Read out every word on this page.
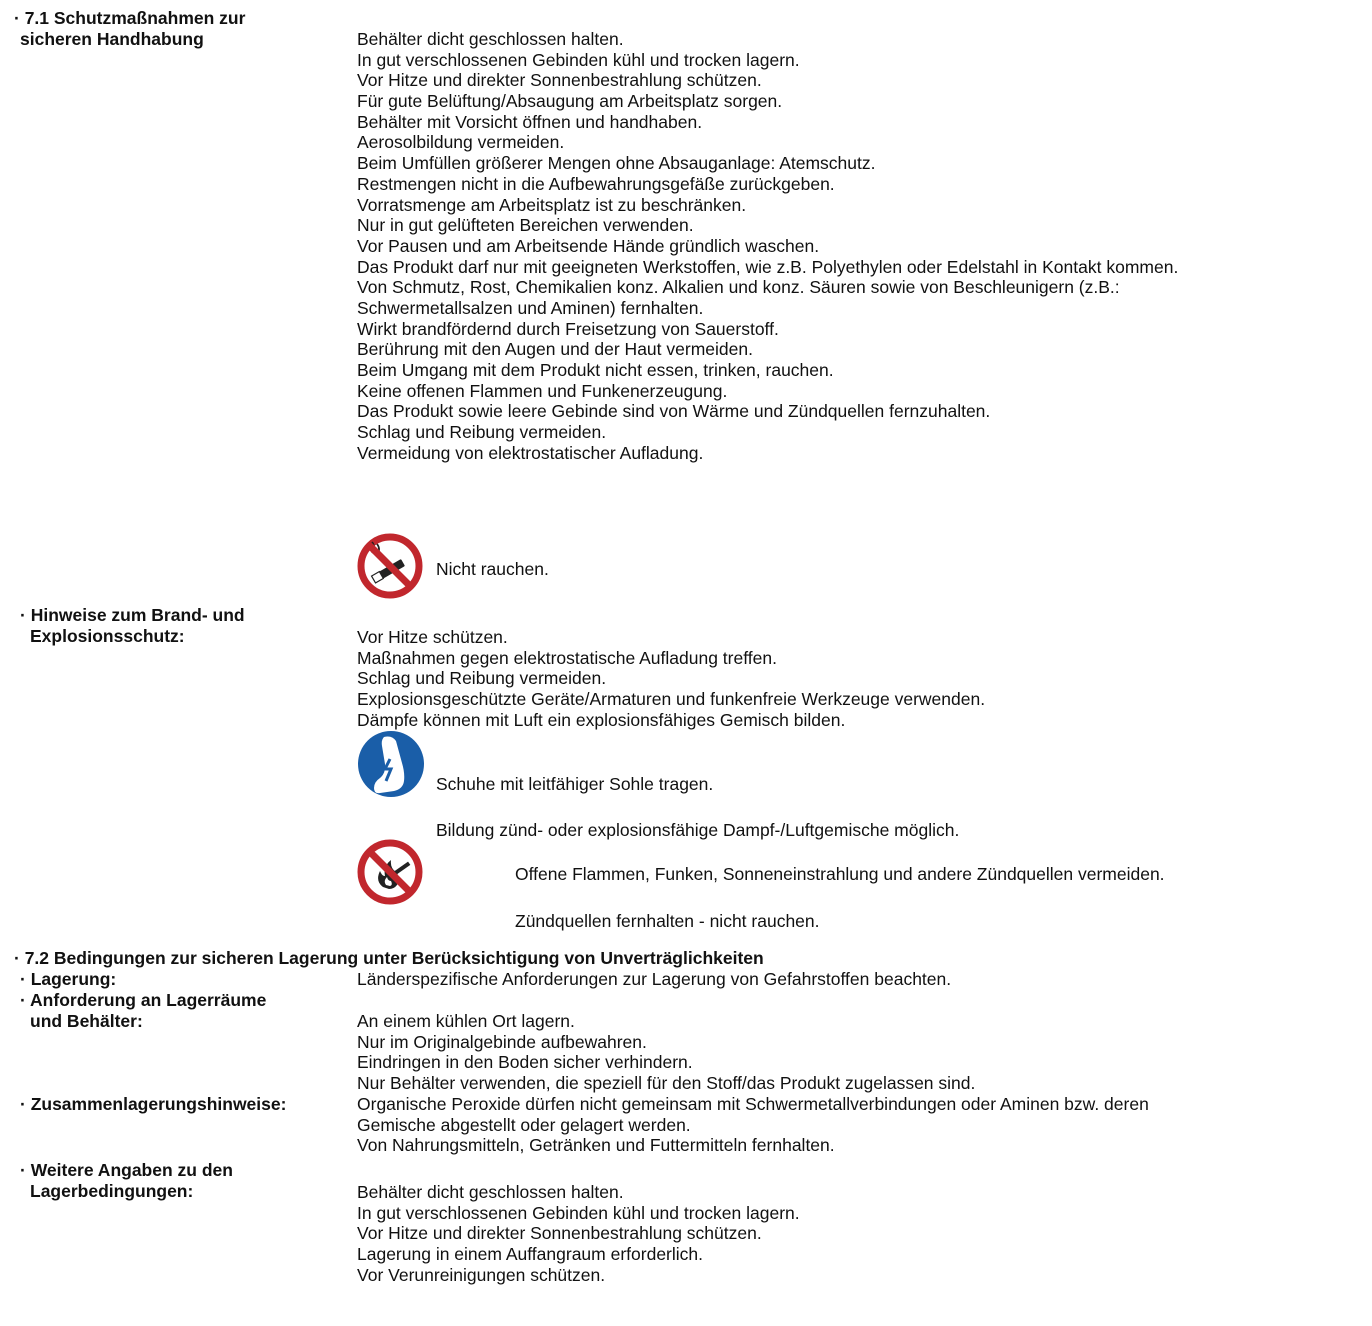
· 7.1 Schutzmaßnahmen zur
sicheren Handhabung	Behälter dicht geschlossen halten.
In gut verschlossenen Gebinden kühl und trocken lagern.
Vor Hitze und direkter Sonnenbestrahlung schützen.
Für gute Belüftung/Absaugung am Arbeitsplatz sorgen.
Behälter mit Vorsicht öffnen und handhaben.
Aerosolbildung vermeiden.
Beim Umfüllen größerer Mengen ohne Absauganlage: Atemschutz.
Restmengen nicht in die Aufbewahrungsgefäße zurückgeben.
Vorratsmenge am Arbeitsplatz ist zu beschränken.
Nur in gut gelüfteten Bereichen verwenden.
Vor Pausen und am Arbeitsende Hände gründlich waschen.
Das Produkt darf nur mit geeigneten Werkstoffen, wie z.B. Polyethylen oder Edelstahl in Kontakt kommen.
Von Schmutz, Rost, Chemikalien konz. Alkalien und konz. Säuren sowie von Beschleunigern (z.B.:
Schwermetallsalzen und Aminen) fernhalten.
Wirkt brandfördernd durch Freisetzung von Sauerstoff.
Berührung mit den Augen und der Haut vermeiden.
Beim Umgang mit dem Produkt nicht essen, trinken, rauchen.
Keine offenen Flammen und Funkenerzeugung.
Das Produkt sowie leere Gebinde sind von Wärme und Zündquellen fernzuhalten.
Schlag und Reibung vermeiden.
Vermeidung von elektrostatischer Aufladung.
Nicht rauchen.
· Hinweise zum Brand- und
Explosionsschutz:	Vor Hitze schützen.
Maßnahmen gegen elektrostatische Aufladung treffen.
Schlag und Reibung vermeiden.
Explosionsgeschützte Geräte/Armaturen und funkenfreie Werkzeuge verwenden.
Dämpfe können mit Luft ein explosionsfähiges Gemisch bilden.
Schuhe mit leitfähiger Sohle tragen.
Bildung zünd- oder explosionsfähige Dampf-/Luftgemische möglich.
Offene Flammen, Funken, Sonneneinstrahlung und andere Zündquellen vermeiden.
Zündquellen fernhalten - nicht rauchen.
· 7.2 Bedingungen zur sicheren Lagerung unter Berücksichtigung von Unverträglichkeiten
· Lagerung:	Länderspezifische Anforderungen zur Lagerung von Gefahrstoffen beachten.
· Anforderung an Lagerräume
und Behälter:	An einem kühlen Ort lagern.
Nur im Originalgebinde aufbewahren.
Eindringen in den Boden sicher verhindern.
Nur Behälter verwenden, die speziell für den Stoff/das Produkt zugelassen sind.
· Zusammenlagerungshinweise:	Organische Peroxide dürfen nicht gemeinsam mit Schwermetallverbindungen oder Aminen bzw. deren
Gemische abgestellt oder gelagert werden.
Von Nahrungsmitteln, Getränken und Futtermitteln fernhalten.
· Weitere Angaben zu den
Lagerbedingungen:	Behälter dicht geschlossen halten.
In gut verschlossenen Gebinden kühl und trocken lagern.
Vor Hitze und direkter Sonnenbestrahlung schützen.
Lagerung in einem Auffangraum erforderlich.
Vor Verunreinigungen schützen.
